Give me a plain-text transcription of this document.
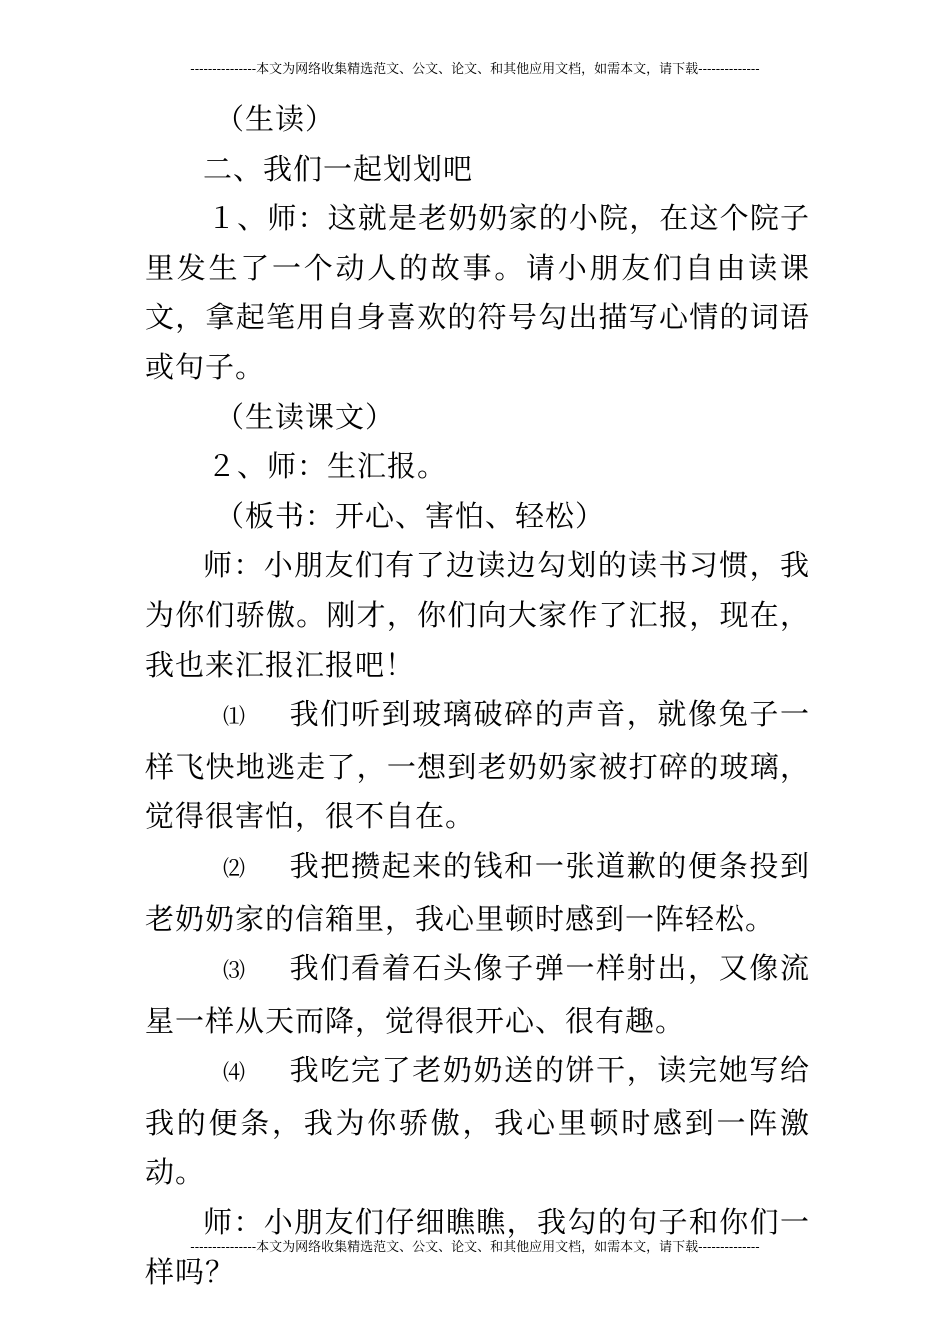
---------------本文为网络收集精选范文、公文、论文、和其他应用文档，如需本文，请下载--------------

（生读）

二、我们一起划划吧

１、师：这就是老奶奶家的小院，在这个院子里发生了一个动人的故事。请小朋友们自由读课文，拿起笔用自身喜欢的符号勾出描写心情的词语或句子。

（生读课文）

２、师：生汇报。

（板书：开心、害怕、轻松）

师：小朋友们有了边读边勾划的读书习惯，我为你们骄傲。刚才，你们向大家作了汇报，现在，我也来汇报汇报吧！

⑴ 我们听到玻璃破碎的声音，就像兔子一样飞快地逃走了，一想到老奶奶家被打碎的玻璃，觉得很害怕，很不自在。

⑵ 我把攒起来的钱和一张道歉的便条投到老奶奶家的信箱里，我心里顿时感到一阵轻松。

⑶ 我们看着石头像子弹一样射出，又像流星一样从天而降，觉得很开心、很有趣。

⑷ 我吃完了老奶奶送的饼干，读完她写给我的便条，我为你骄傲，我心里顿时感到一阵激动。

师：小朋友们仔细瞧瞧，我勾的句子和你们一样吗？

---------------本文为网络收集精选范文、公文、论文、和其他应用文档，如需本文，请下载--------------
